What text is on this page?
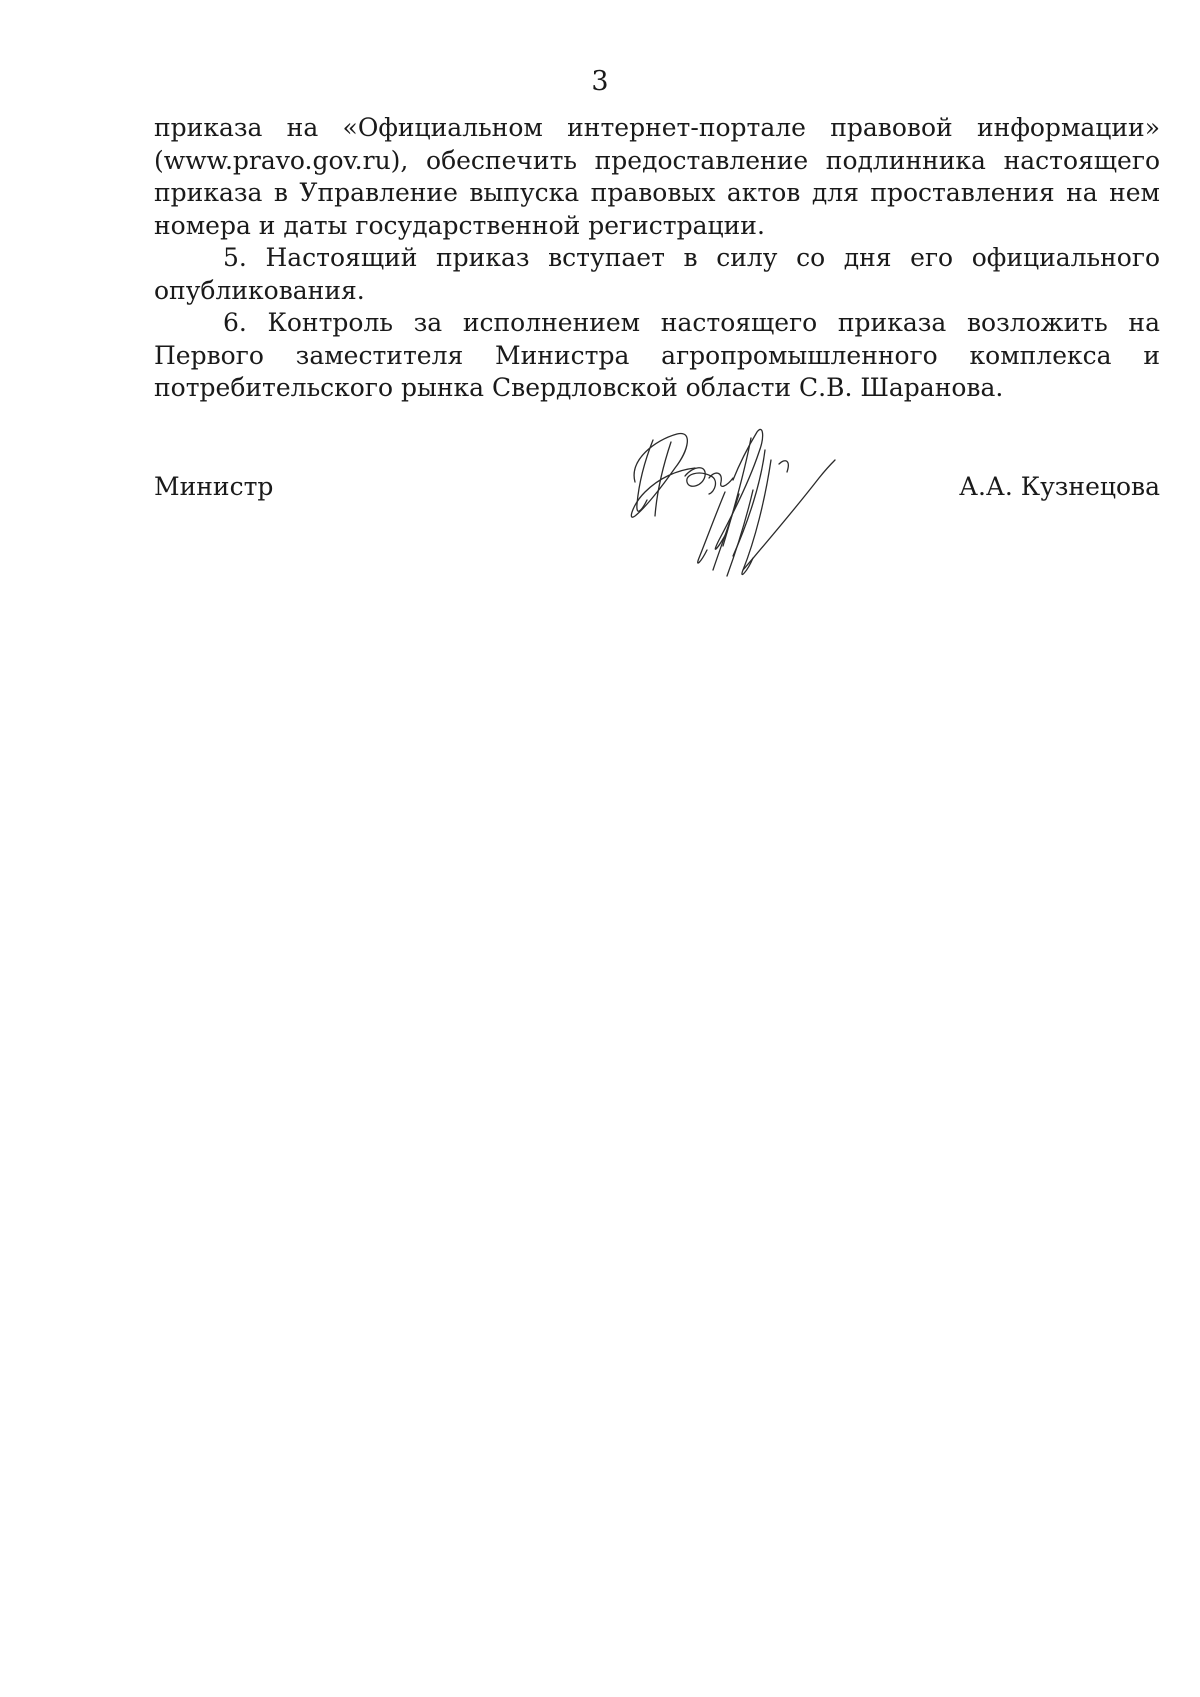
3

приказа на «Официальном интернет-портале правовой информации» (www.pravo.gov.ru), обеспечить предоставление подлинника настоящего приказа в Управление выпуска правовых актов для проставления на нем номера и даты государственной регистрации.

5. Настоящий приказ вступает в силу со дня его официального опубликования.

6. Контроль за исполнением настоящего приказа возложить на Первого заместителя Министра агропромышленного комплекса и потребительского рынка Свердловской области С.В. Шаранова.

Министр	А.А. Кузнецова
